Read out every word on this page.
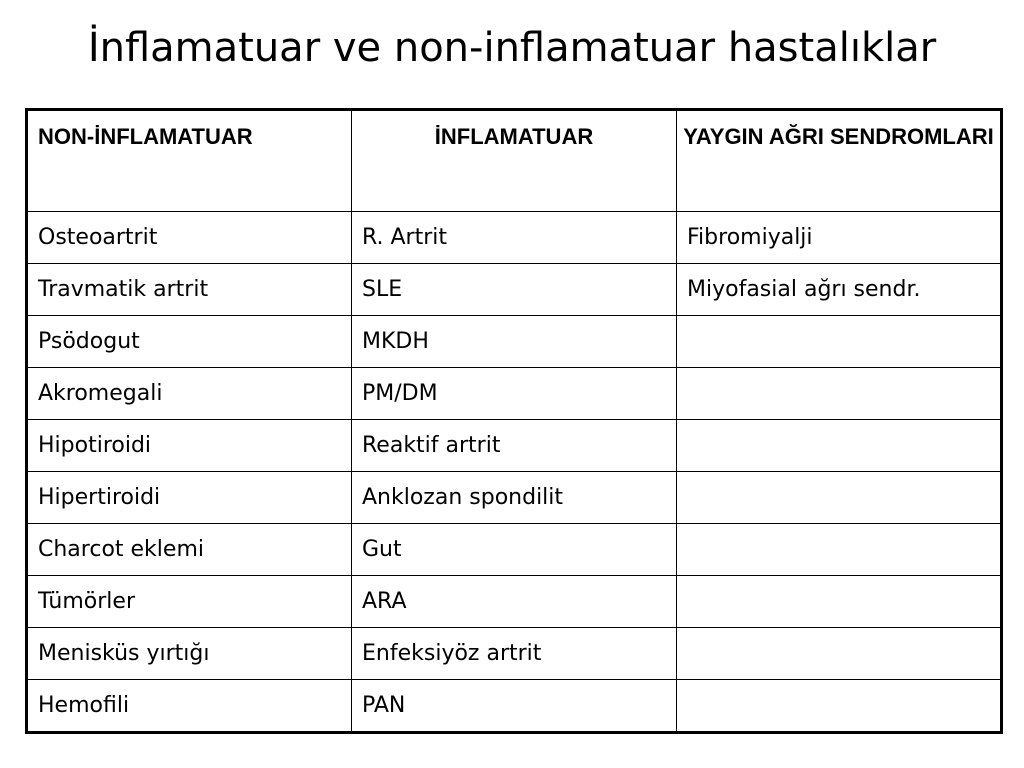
İnflamatuar ve non-inflamatuar hastalıklar
NON-İNFLAMATUAR	İNFLAMATUAR	YAYGIN AĞRI SENDROMLARI
Osteoartrit	R. Artrit	Fibromiyalji
Travmatik artrit	SLE	Miyofasial ağrı sendr.
Psödogut	MKDH	
Akromegali	PM/DM	
Hipotiroidi	Reaktif artrit	
Hipertiroidi	Anklozan spondilit	
Charcot eklemi	Gut	
Tümörler	ARA	
Menisküs yırtığı	Enfeksiyöz artrit	
Hemofili	PAN	
